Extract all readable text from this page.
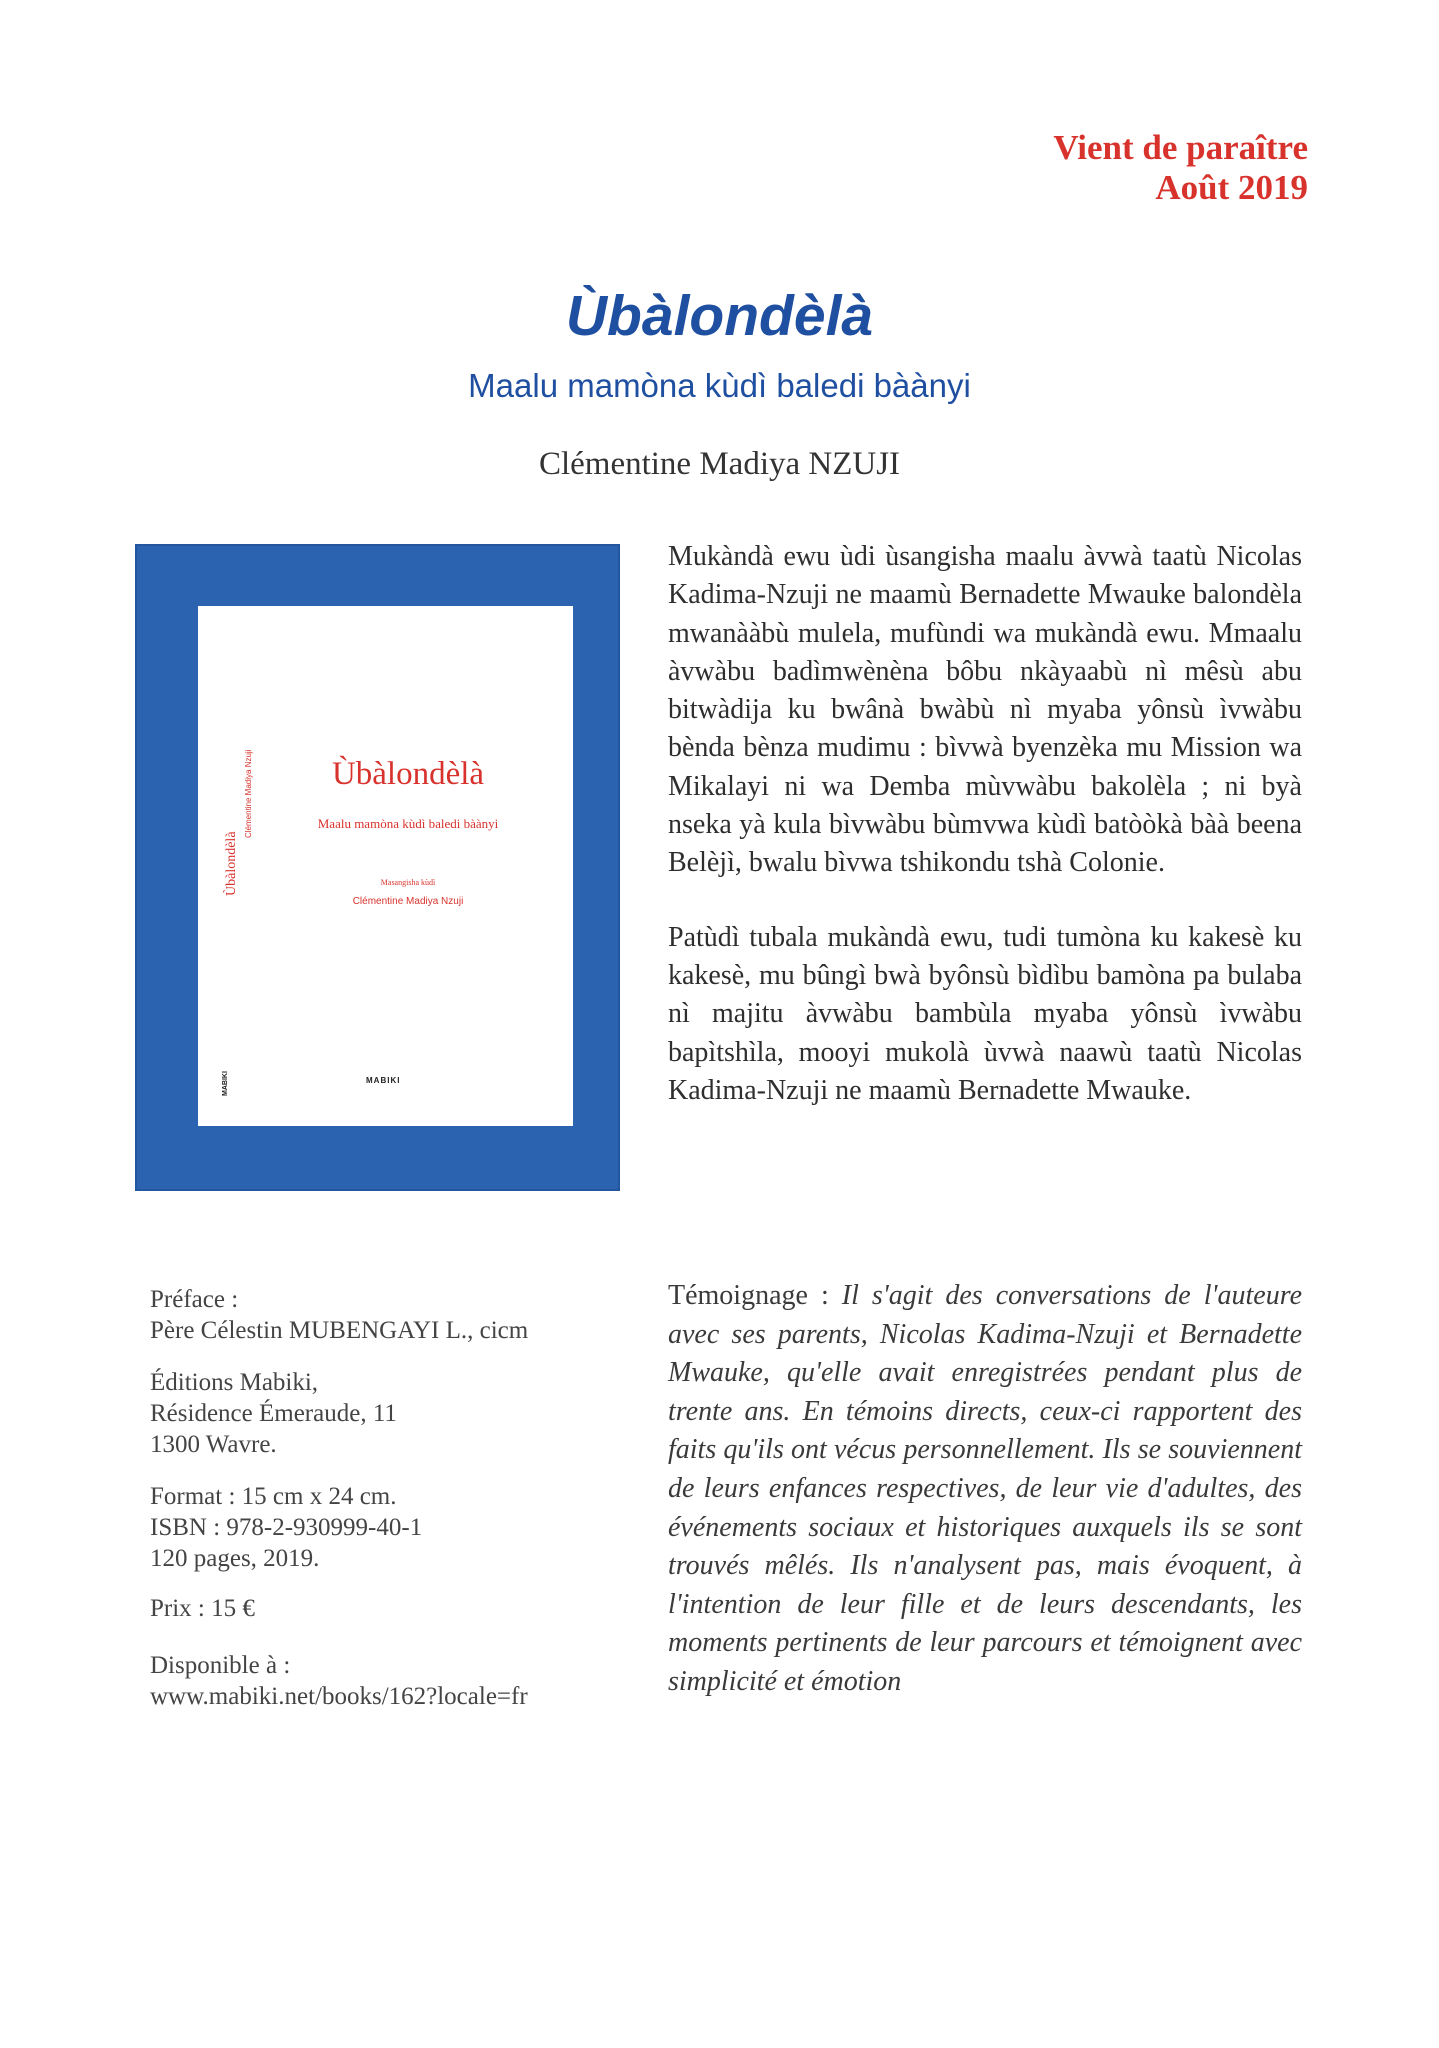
Vient de paraître
Août 2019
Ùbàlondèlà
Maalu mamòna kùdì baledi bàànyi
Clémentine Madiya NZUJI
Ùbàlondèlà
Clémentine Madiya Nzuji	Ùbàlondèlà
Maalu mamòna kùdì baledi bàànyi
Masangisha kùdì
Clémentine Madiya Nzuji
MABIKI
MABIKI

Mukàndà ewu ùdi ùsangisha maalu àvwà taatù Nicolas Kadima-Nzuji ne maamù Bernadette Mwauke balondèla mwanààbù mulela, mufùndi wa mukàndà ewu. Mmaalu àvwàbu badìmwènèna bôbu nkàyaabù nì mêsù abu bitwàdija ku bwânà bwàbù nì myaba yônsù ìvwàbu bènda bènza mudimu : bìvwà byenzèka mu Mission wa Mikalayi ni wa Demba mùvwàbu bakolèla ; ni byà nseka yà kula bìvwàbu bùmvwa kùdì batòòkà bàà beena Belèjì, bwalu bìvwa tshikondu tshà Colonie.

Patùdì tubala mukàndà ewu, tudi tumòna ku kakesè ku kakesè, mu bûngì bwà byônsù bìdìbu bamòna pa bulaba nì majitu àvwàbu bambùla myaba yônsù ìvwàbu bapìtshìla, mooyi mukolà ùvwà naawù taatù Nicolas Kadima-Nzuji ne maamù Bernadette Mwauke.

Préface :
Père Célestin MUBENGAYI L., cicm
Éditions Mabiki,
Résidence Émeraude, 11
1300 Wavre.
Format : 15 cm x 24 cm.
ISBN : 978-2-930999-40-1
120 pages, 2019.
Prix : 15 €
Disponible à :
www.mabiki.net/books/162?locale=fr
Témoignage : Il s'agit des conversations de l'auteure avec ses parents, Nicolas Kadima-Nzuji et Bernadette Mwauke, qu'elle avait enregistrées pendant plus de trente ans. En témoins directs, ceux-ci rapportent des faits qu'ils ont vécus personnellement. Ils se souviennent de leurs enfances respectives, de leur vie d'adultes, des événements sociaux et historiques auxquels ils se sont trouvés mêlés. Ils n'analysent pas, mais évoquent, à l'intention de leur fille et de leurs descendants, les moments pertinents de leur parcours et témoignent avec simplicité et émotion
